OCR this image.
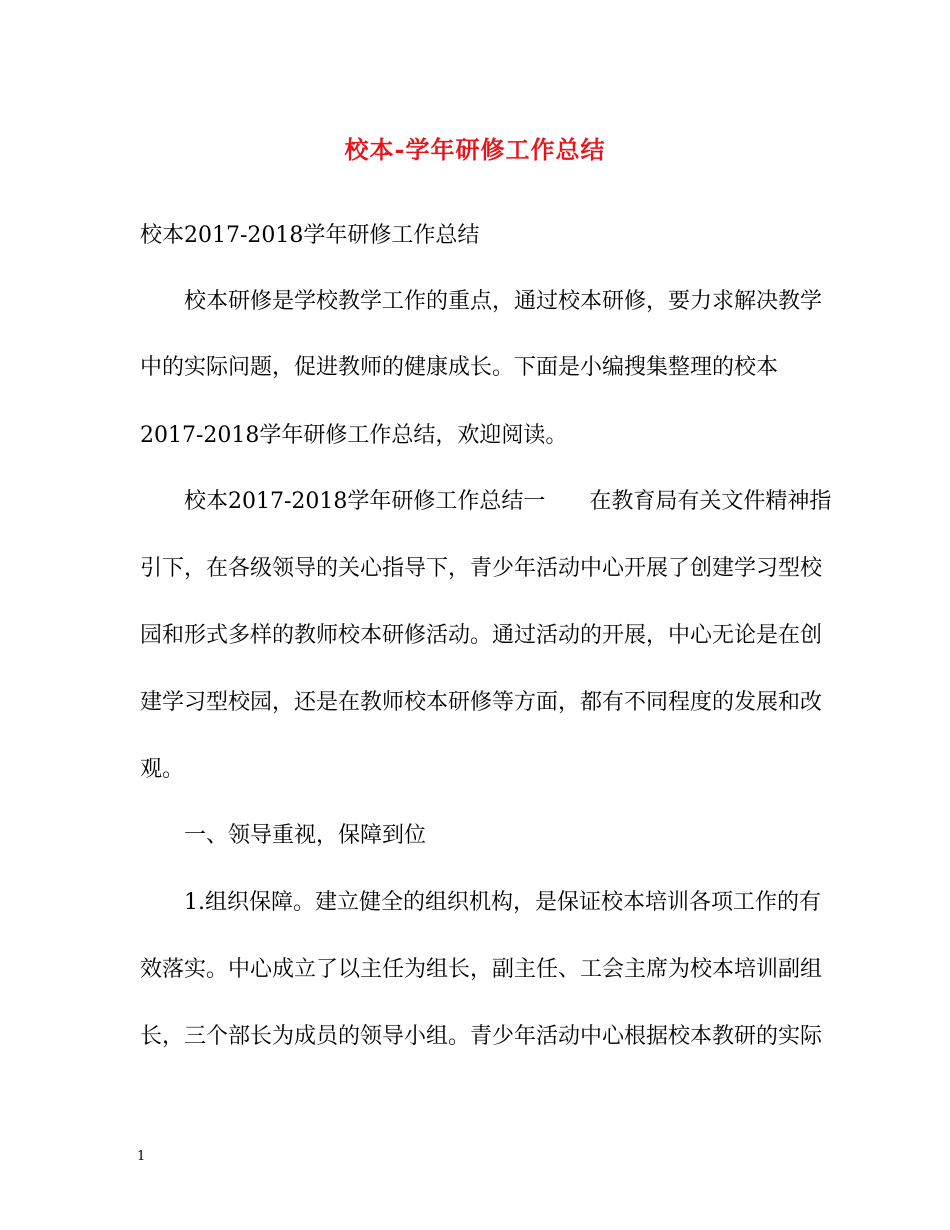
校本-学年研修工作总结
校本2017-2018学年研修工作总结
校本研修是学校教学工作的重点，通过校本研修，要力求解决教学
中的实际问题，促进教师的健康成长。下面是小编搜集整理的校本
2017-2018学年研修工作总结，欢迎阅读。
校本2017-2018学年研修工作总结一　　在教育局有关文件精神指
引下，在各级领导的关心指导下，青少年活动中心开展了创建学习型校
园和形式多样的教师校本研修活动。通过活动的开展，中心无论是在创
建学习型校园，还是在教师校本研修等方面，都有不同程度的发展和改
观。
一、领导重视，保障到位
1.组织保障。建立健全的组织机构，是保证校本培训各项工作的有
效落实。中心成立了以主任为组长，副主任、工会主席为校本培训副组
长，三个部长为成员的领导小组。青少年活动中心根据校本教研的实际
1
